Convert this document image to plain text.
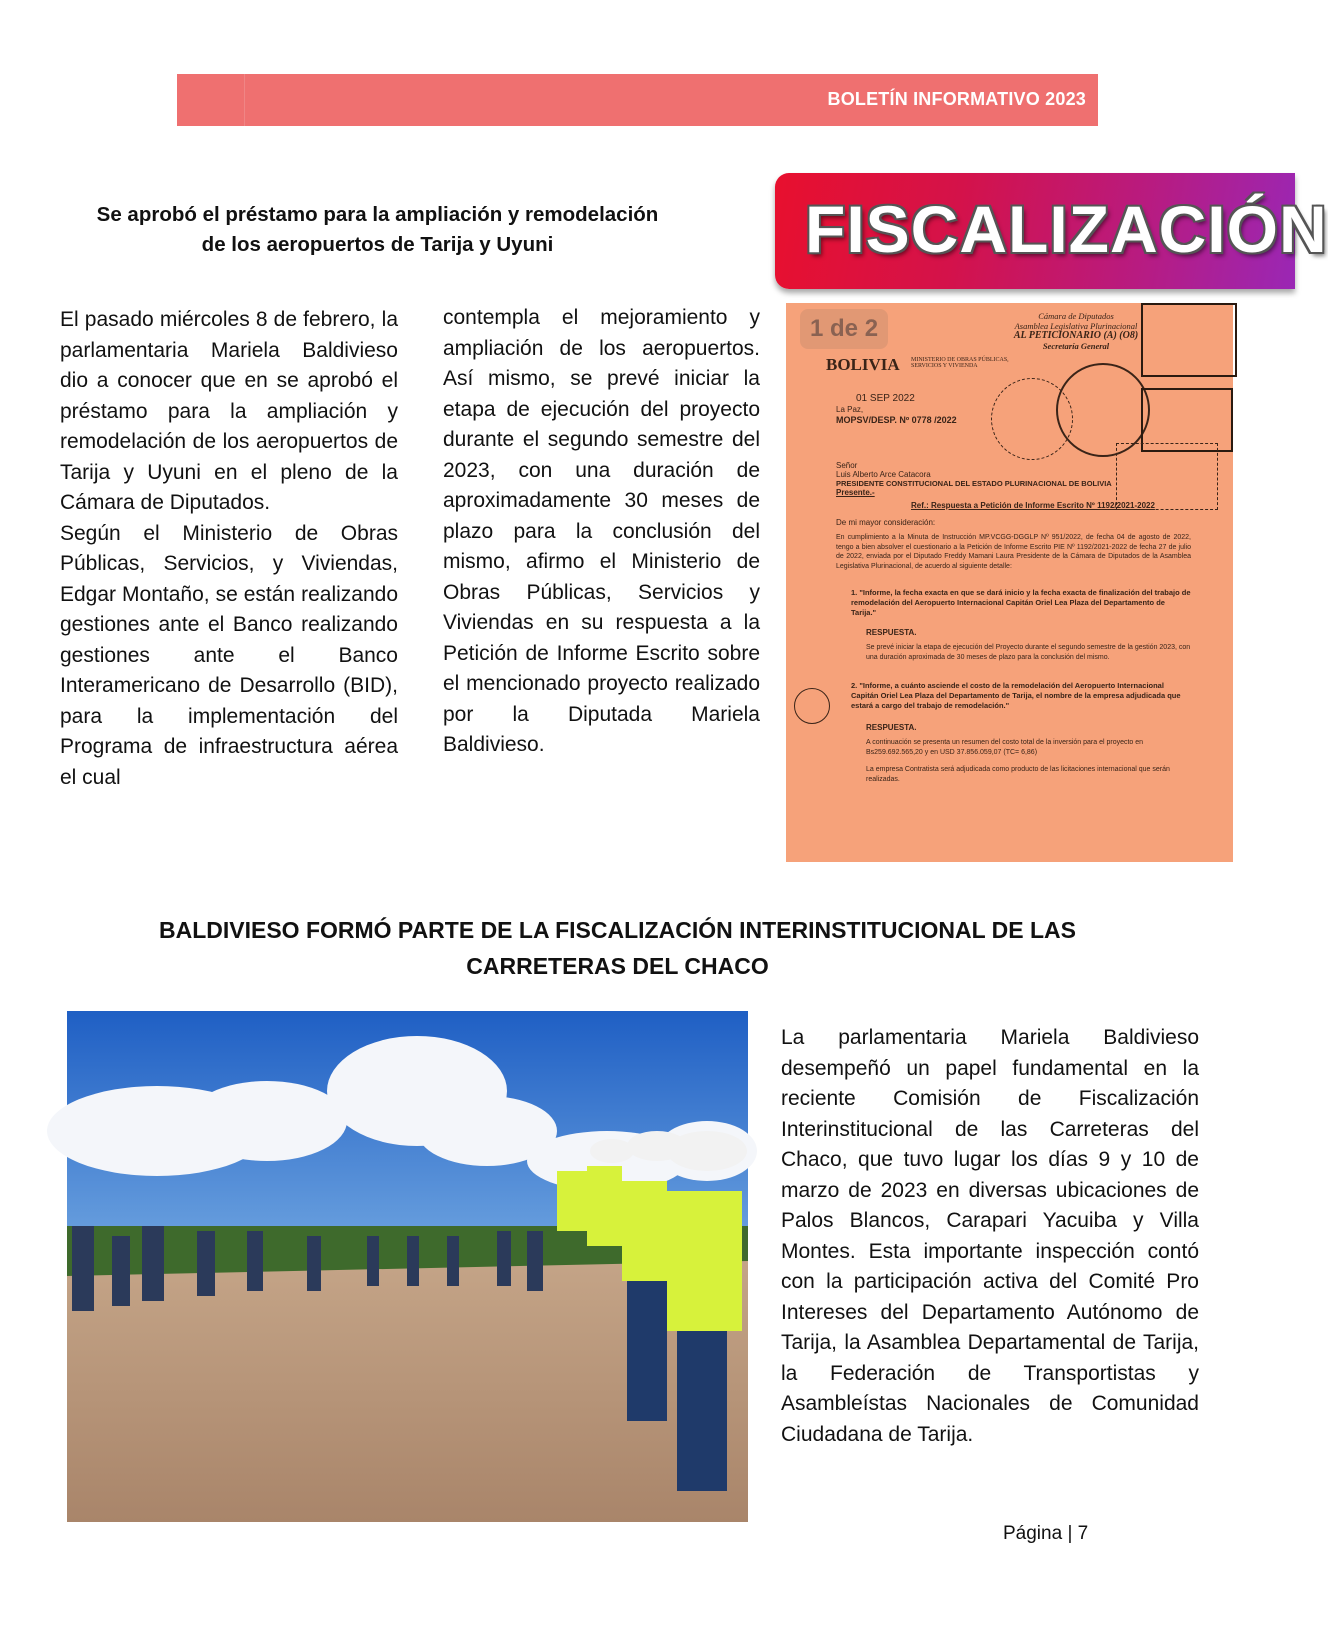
BOLETÍN INFORMATIVO 2023
Se aprobó el préstamo para la ampliación y remodelación de los aeropuertos de Tarija y Uyuni	FISCALIZACIÓN

El pasado miércoles 8 de febrero, la parlamentaria Mariela Baldivieso dio a conocer que en se aprobó el préstamo para la ampliación y remodelación de los aeropuertos de Tarija y Uyuni en el pleno de la Cámara de Diputados.

Según el Ministerio de Obras Públicas, Servicios, y Viviendas, Edgar Montaño, se están realizando gestiones ante el Banco realizando gestiones ante el Banco Interamericano de Desarrollo (BID), para la implementación del Programa de infraestructura aérea el cual

contempla el mejoramiento y ampliación de los aeropuertos. Así mismo, se prevé iniciar la etapa de ejecución del proyecto durante el segundo semestre del 2023, con una duración de aproximadamente 30 meses de plazo para la conclusión del mismo, afirmo el Ministerio de Obras Públicas, Servicios y Viviendas en su respuesta a la Petición de Informe Escrito sobre el mencionado proyecto realizado por la Diputada Mariela Baldivieso.

1 de 2	Cámara de Diputados
Asamblea Legislativa Plurinacional
AL PETICIONARIO (A) (O8)
Secretaría General
BOLIVIA MINISTERIO DE OBRAS PÚBLICAS, SERVICIOS Y VIVIENDA
01 SEP 2022
La Paz,
MOPSV/DESP. Nº 0778 /2022
Señor
Luis Alberto Arce Catacora
PRESIDENTE CONSTITUCIONAL DEL ESTADO PLURINACIONAL DE BOLIVIA
Presente.-
Ref.: Respuesta a Petición de Informe Escrito Nº 1192/2021-2022
De mi mayor consideración:
En cumplimiento a la Minuta de Instrucción MP.VCGG-DGGLP Nº 951/2022, de fecha 04 de agosto de 2022, tengo a bien absolver el cuestionario a la Petición de Informe Escrito PIE Nº 1192/2021-2022 de fecha 27 de julio de 2022, enviada por el Diputado Freddy Mamani Laura Presidente de la Cámara de Diputados de la Asamblea Legislativa Plurinacional, de acuerdo al siguiente detalle:
1. "Informe, la fecha exacta en que se dará inicio y la fecha exacta de finalización del trabajo de remodelación del Aeropuerto Internacional Capitán Oriel Lea Plaza del Departamento de Tarija."
RESPUESTA.
Se prevé iniciar la etapa de ejecución del Proyecto durante el segundo semestre de la gestión 2023, con una duración aproximada de 30 meses de plazo para la conclusión del mismo.
2. "Informe, a cuánto asciende el costo de la remodelación del Aeropuerto Internacional Capitán Oriel Lea Plaza del Departamento de Tarija, el nombre de la empresa adjudicada que estará a cargo del trabajo de remodelación."
RESPUESTA.
A continuación se presenta un resumen del costo total de la inversión para el proyecto en Bs259.692.565,20 y en USD 37.856.059,07 (TC= 6,86)
La empresa Contratista será adjudicada como producto de las licitaciones internacional que serán realizadas.
BALDIVIESO FORMÓ PARTE DE LA FISCALIZACIÓN INTERINSTITUCIONAL DE LAS CARRETERAS DEL CHACO

La parlamentaria Mariela Baldivieso desempeñó un papel fundamental en la reciente Comisión de Fiscalización Interinstitucional de las Carreteras del Chaco, que tuvo lugar los días 9 y 10 de marzo de 2023 en diversas ubicaciones de Palos Blancos, Carapari Yacuiba y Villa Montes. Esta importante inspección contó con la participación activa del Comité Pro Intereses del Departamento Autónomo de Tarija, la Asamblea Departamental de Tarija, la Federación de Transportistas y Asambleístas Nacionales de Comunidad Ciudadana de Tarija.

Página | 7
